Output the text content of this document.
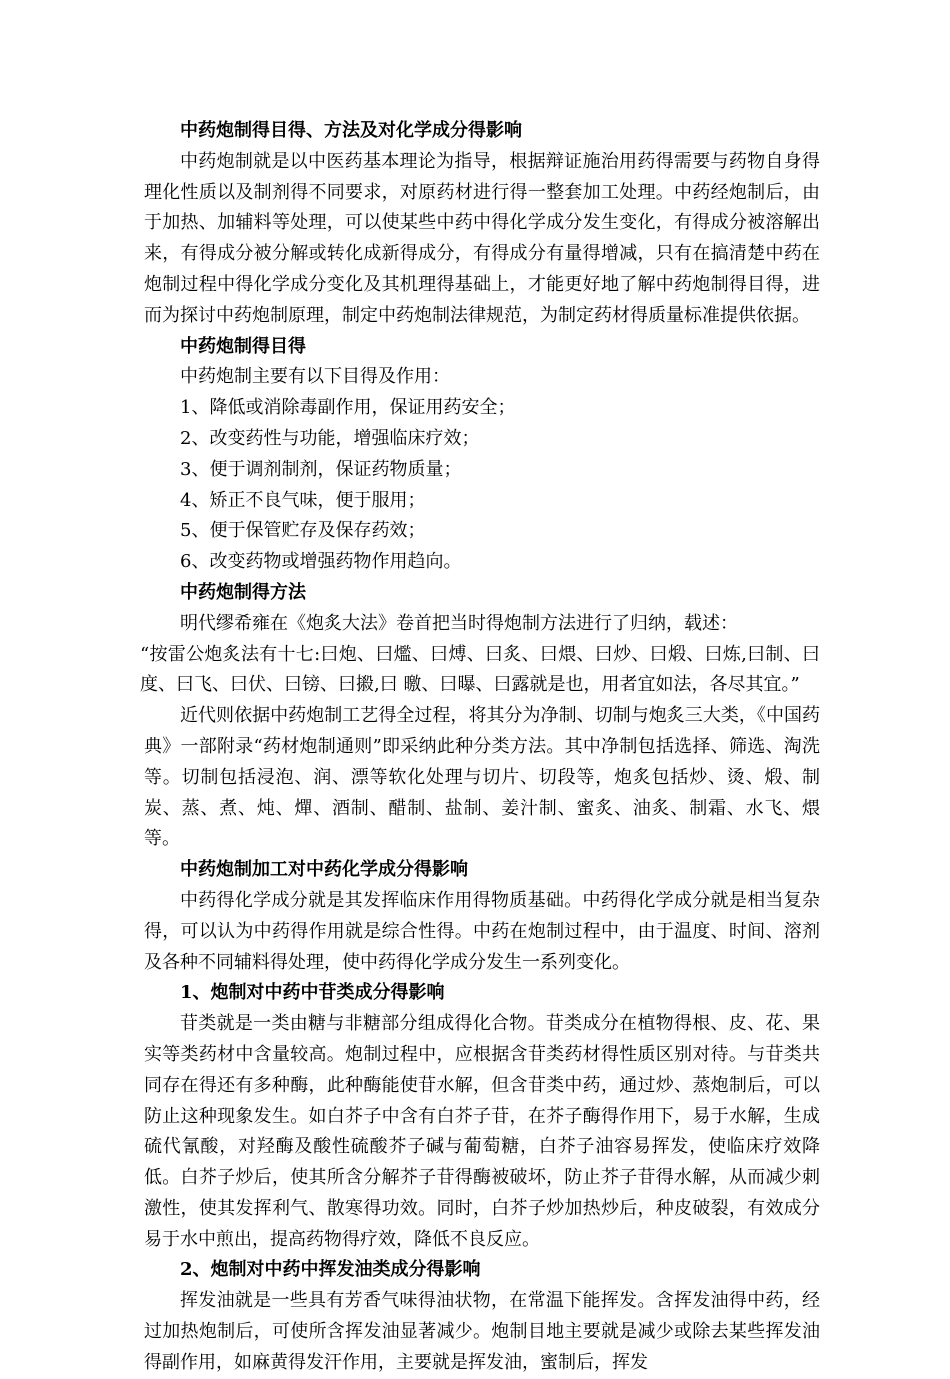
中药炮制得目得、方法及对化学成分得影响

中药炮制就是以中医药基本理论为指导，根据辩证施治用药得需要与药物自身得理化性质以及制剂得不同要求，对原药材进行得一整套加工处理。中药经炮制后，由于加热、加辅料等处理，可以使某些中药中得化学成分发生变化，有得成分被溶解出来，有得成分被分解或转化成新得成分，有得成分有量得增减，只有在搞清楚中药在炮制过程中得化学成分变化及其机理得基础上，才能更好地了解中药炮制得目得，进而为探讨中药炮制原理，制定中药炮制法律规范，为制定药材得质量标准提供依据。

中药炮制得目得

中药炮制主要有以下目得及作用：

1、降低或消除毒副作用，保证用药安全；

2、改变药性与功能，增强临床疗效；

3、便于调剂制剂，保证药物质量；

4、矫正不良气味，便于服用；

5、便于保管贮存及保存药效；

6、改变药物或增强药物作用趋向。

中药炮制得方法

明代缪希雍在《炮炙大法》卷首把当时得炮制方法进行了归纳，载述：

“按雷公炮炙法有十七:曰炮、曰爁、曰煿、曰炙、曰煨、曰炒、曰煅、曰炼,曰制、曰度、曰飞、曰伏、曰镑、曰摋,曰 曒、曰曝、曰露就是也，用者宜如法，各尽其宜。”

近代则依据中药炮制工艺得全过程，将其分为净制、切制与炮炙三大类，《中国药典》一部附录“药材炮制通则”即采纳此种分类方法。其中净制包括选择、筛选、淘洗等。切制包括浸泡、润、漂等软化处理与切片、切段等，炮炙包括炒、烫、煅、制炭、蒸、煮、炖、燀、酒制、醋制、盐制、姜汁制、蜜炙、油炙、制霜、水飞、煨等。

中药炮制加工对中药化学成分得影响

中药得化学成分就是其发挥临床作用得物质基础。中药得化学成分就是相当复杂得，可以认为中药得作用就是综合性得。中药在炮制过程中，由于温度、时间、溶剂及各种不同辅料得处理，使中药得化学成分发生一系列变化。

1、炮制对中药中苷类成分得影响

苷类就是一类由糖与非糖部分组成得化合物。苷类成分在植物得根、皮、花、果实等类药材中含量较高。炮制过程中，应根据含苷类药材得性质区别对待。与苷类共同存在得还有多种酶，此种酶能使苷水解，但含苷类中药，通过炒、蒸炮制后，可以防止这种现象发生。如白芥子中含有白芥子苷，在芥子酶得作用下，易于水解，生成硫代氰酸，对羟酶及酸性硫酸芥子碱与葡萄糖，白芥子油容易挥发，使临床疗效降低。白芥子炒后，使其所含分解芥子苷得酶被破坏，防止芥子苷得水解，从而减少刺激性，使其发挥利气、散寒得功效。同时，白芥子炒加热炒后，种皮破裂，有效成分易于水中煎出，提高药物得疗效，降低不良反应。

2、炮制对中药中挥发油类成分得影响

挥发油就是一些具有芳香气味得油状物，在常温下能挥发。含挥发油得中药，经过加热炮制后，可使所含挥发油显著减少。炮制目地主要就是减少或除去某些挥发油得副作用，如麻黄得发汗作用，主要就是挥发油，蜜制后，挥发
